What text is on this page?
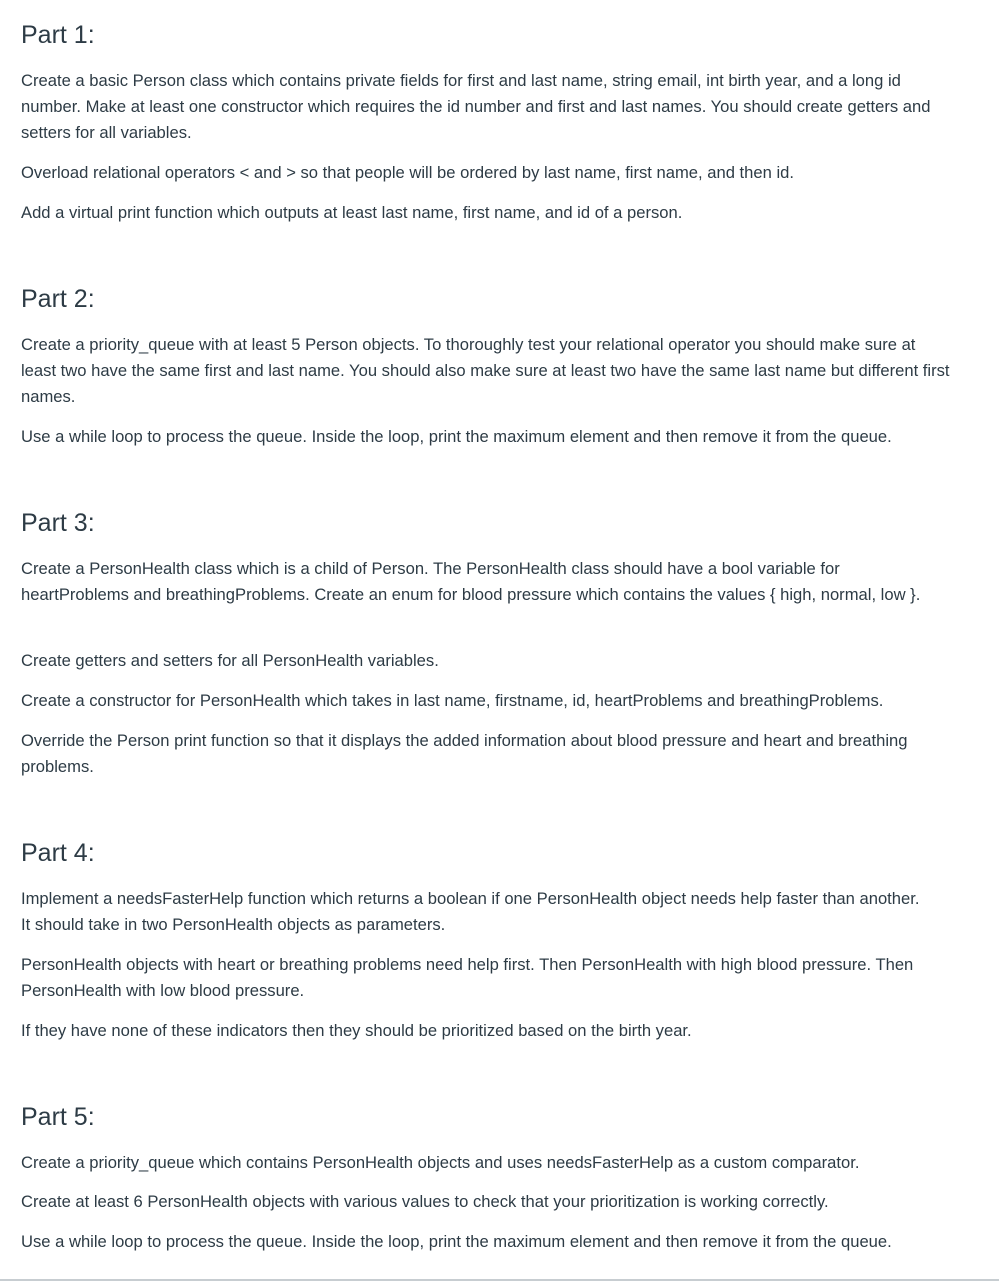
Part 1:

Create a basic Person class which contains private fields for first and last name, string email, int birth year, and a long id number. Make at least one constructor which requires the id number and first and last names. You should create getters and setters for all variables.

Overload relational operators < and > so that people will be ordered by last name, first name, and then id.

Add a virtual print function which outputs at least last name, first name, and id of a person.

Part 2:

Create a priority_queue with at least 5 Person objects. To thoroughly test your relational operator you should make sure at least two have the same first and last name. You should also make sure at least two have the same last name but different first names.

Use a while loop to process the queue. Inside the loop, print the maximum element and then remove it from the queue.

Part 3:

Create a PersonHealth class which is a child of Person. The PersonHealth class should have a bool variable for heartProblems and breathingProblems. Create an enum for blood pressure which contains the values { high, normal, low }.

Create getters and setters for all PersonHealth variables.

Create a constructor for PersonHealth which takes in last name, firstname, id, heartProblems and breathingProblems.

Override the Person print function so that it displays the added information about blood pressure and heart and breathing problems.

Part 4:

Implement a needsFasterHelp function which returns a boolean if one PersonHealth object needs help faster than another. It should take in two PersonHealth objects as parameters.

PersonHealth objects with heart or breathing problems need help first. Then PersonHealth with high blood pressure. Then PersonHealth with low blood pressure.

If they have none of these indicators then they should be prioritized based on the birth year.

Part 5:

Create a priority_queue which contains PersonHealth objects and uses needsFasterHelp as a custom comparator.

Create at least 6 PersonHealth objects with various values to check that your prioritization is working correctly.

Use a while loop to process the queue. Inside the loop, print the maximum element and then remove it from the queue.
